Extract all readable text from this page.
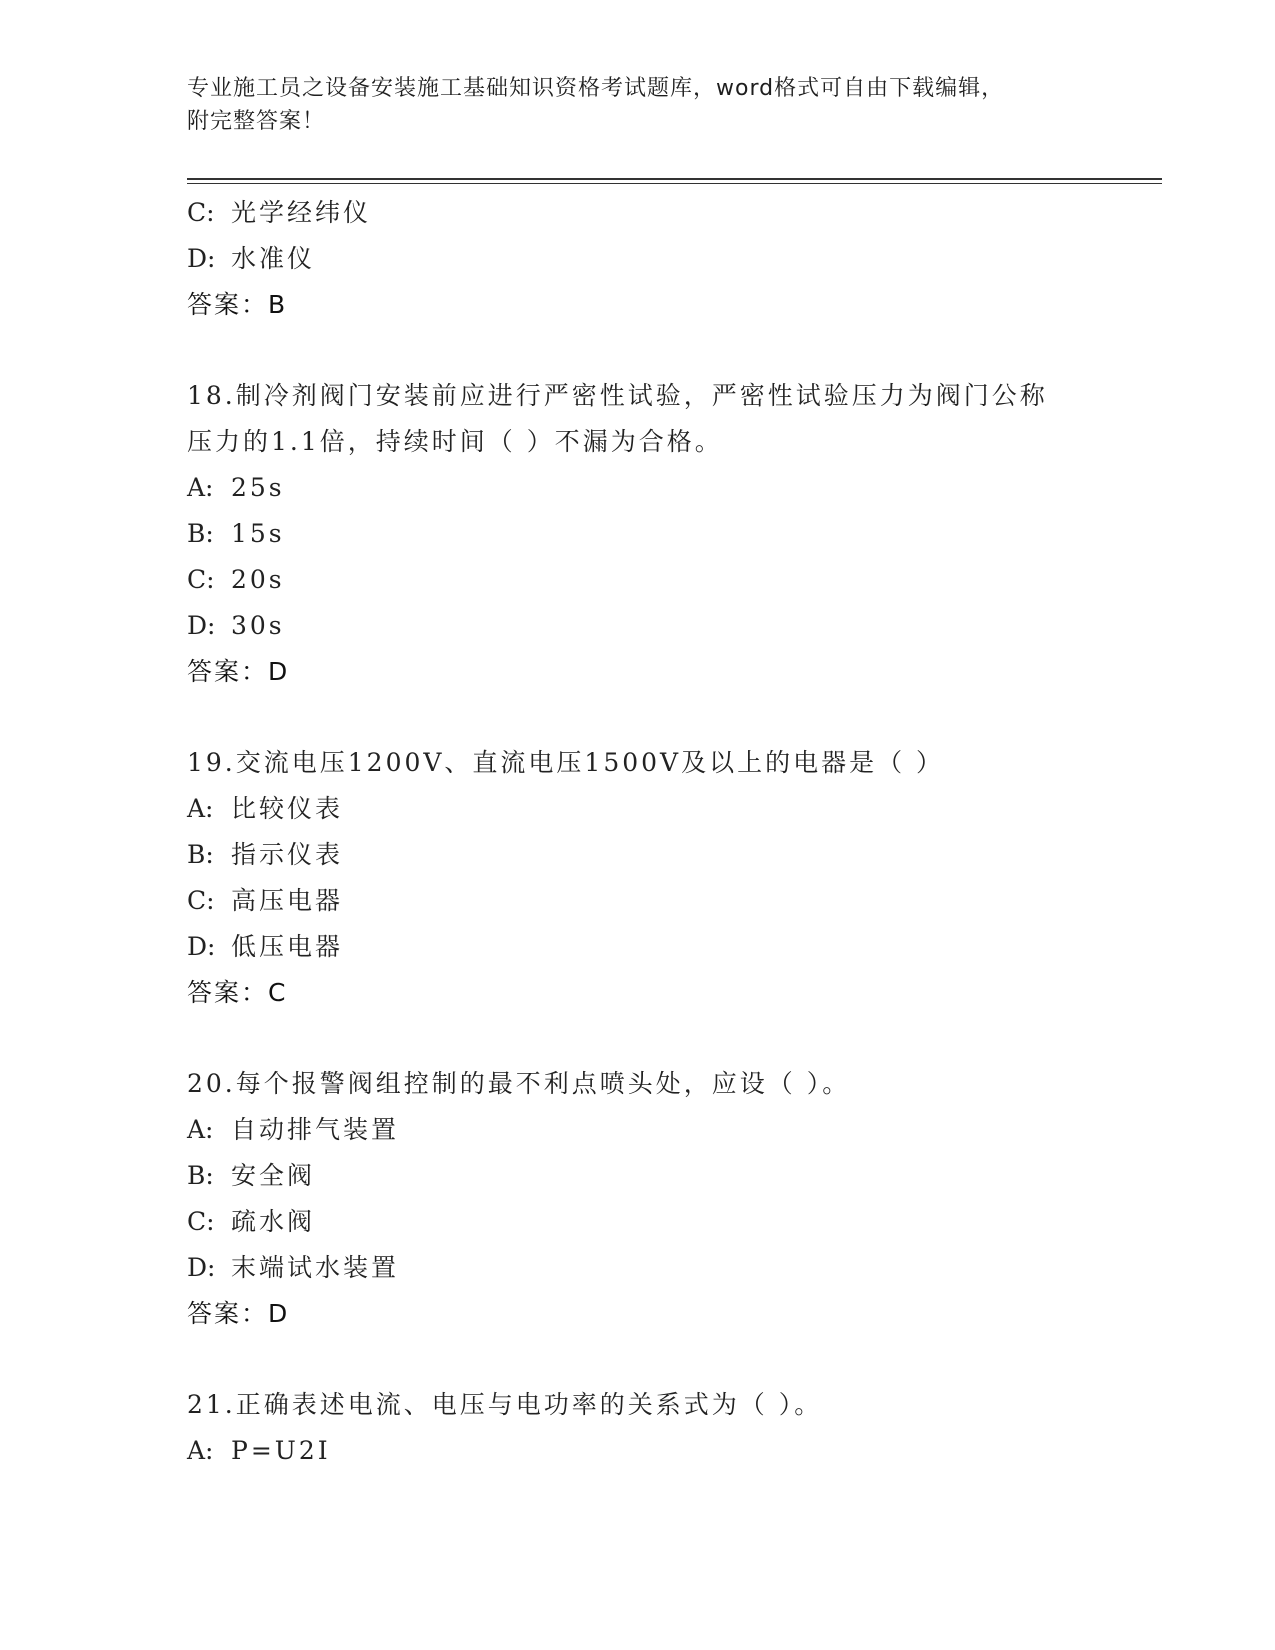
专业施工员之设备安装施工基础知识资格考试题库，word格式可自由下载编辑，
附完整答案！
C: 光学经纬仪
D: 水准仪
答案：B
18.制冷剂阀门安装前应进行严密性试验，严密性试验压力为阀门公称
压力的1.1倍，持续时间（ ）不漏为合格。
A: 25s
B: 15s
C: 20s
D: 30s
答案：D
19.交流电压1200V、直流电压1500V及以上的电器是（ ）
A: 比较仪表
B: 指示仪表
C: 高压电器
D: 低压电器
答案：C
20.每个报警阀组控制的最不利点喷头处，应设（ ）。
A: 自动排气装置
B: 安全阀
C: 疏水阀
D: 末端试水装置
答案：D
21.正确表述电流、电压与电功率的关系式为（ ）。
A: P=U2I
